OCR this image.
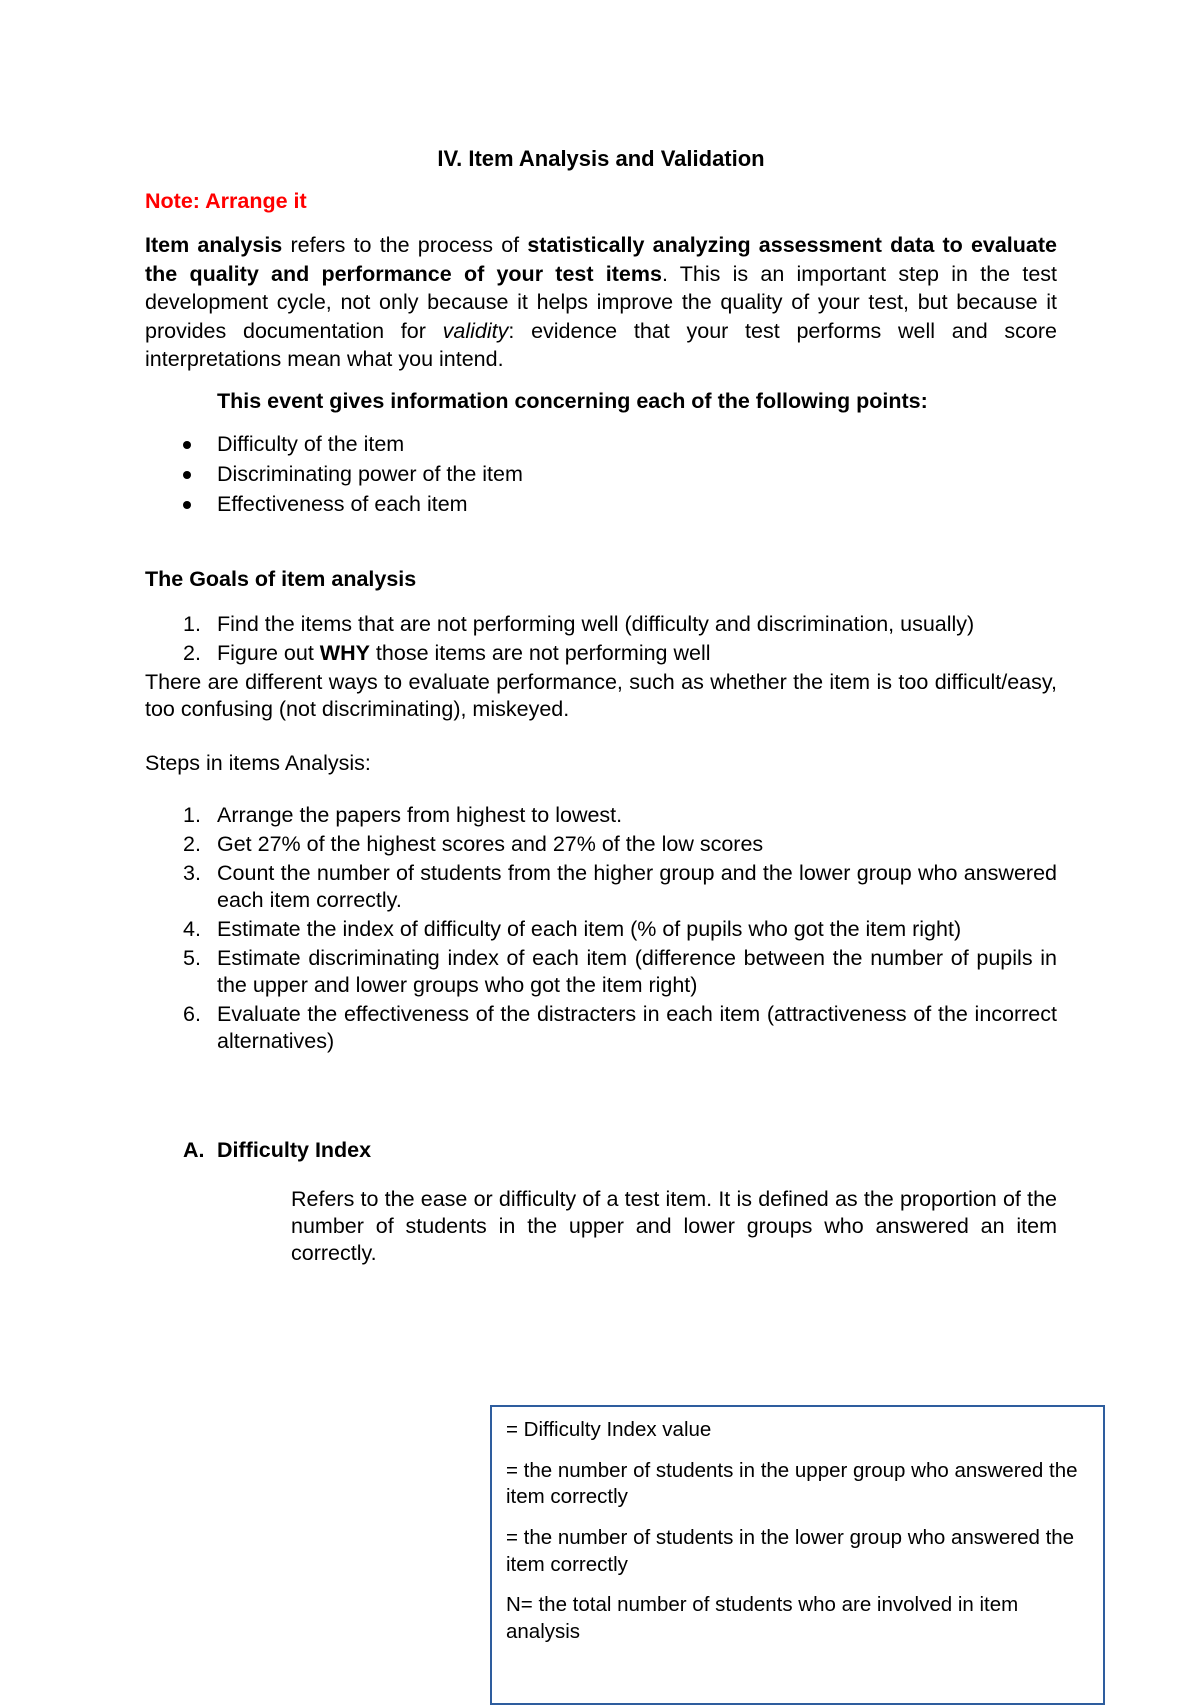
IV. Item Analysis and Validation

Note: Arrange it

Item analysis refers to the process of statistically analyzing assessment data to evaluate the quality and performance of your test items. This is an important step in the test development cycle, not only because it helps improve the quality of your test, but because it provides documentation for validity: evidence that your test performs well and score interpretations mean what you intend.

This event gives information concerning each of the following points:

Difficulty of the item
Discriminating power of the item
Effectiveness of each item

The Goals of item analysis

1. Find the items that are not performing well (difficulty and discrimination, usually)
2. Figure out WHY those items are not performing well

There are different ways to evaluate performance, such as whether the item is too difficult/easy, too confusing (not discriminating), miskeyed.

Steps in items Analysis:

1. Arrange the papers from highest to lowest.
2. Get 27% of the highest scores and 27% of the low scores
3. Count the number of students from the higher group and the lower group who answered each item correctly.
4. Estimate the index of difficulty of each item (% of pupils who got the item right)
5. Estimate discriminating index of each item (difference between the number of pupils in the upper and lower groups who got the item right)
6. Evaluate the effectiveness of the distracters in each item (attractiveness of the incorrect alternatives)

A. Difficulty Index

Refers to the ease or difficulty of a test item. It is defined as the proportion of the number of students in the upper and lower groups who answered an item correctly.

= Difficulty Index value

= the number of students in the upper group who answered the item correctly

= the number of students in the lower group who answered the item correctly

N= the total number of students who are involved in item analysis
